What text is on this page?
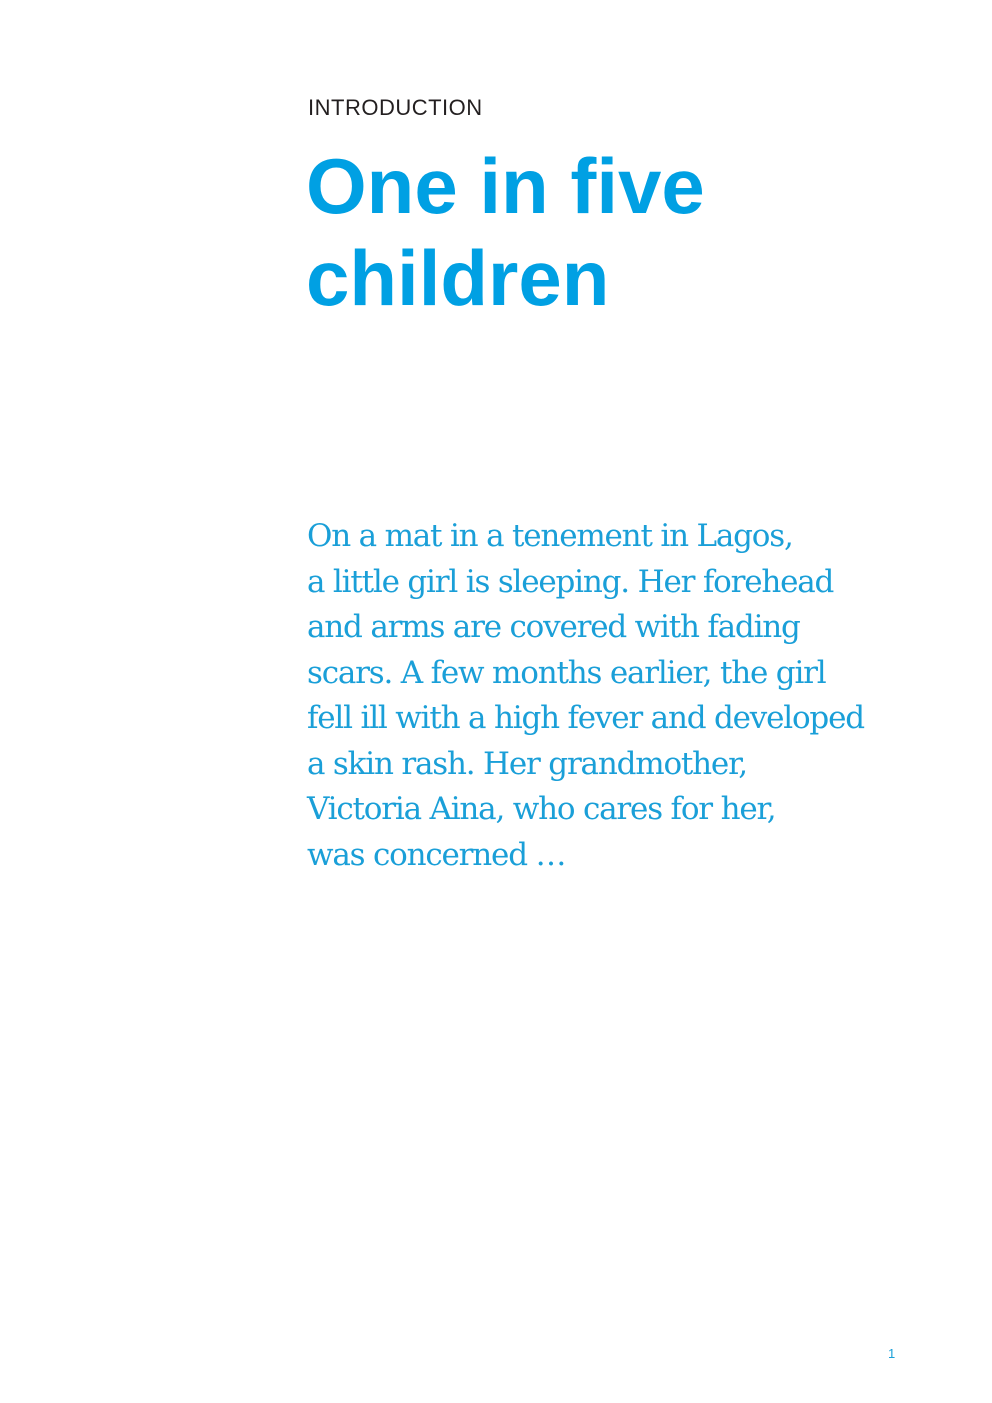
INTRODUCTION
One in five
children

On a mat in a tenement in Lagos,
a little girl is sleeping. Her forehead
and arms are covered with fading
scars. A few months earlier, the girl
fell ill with a high fever and developed
a skin rash. Her grandmother,
Victoria Aina, who cares for her,
was concerned …

1
